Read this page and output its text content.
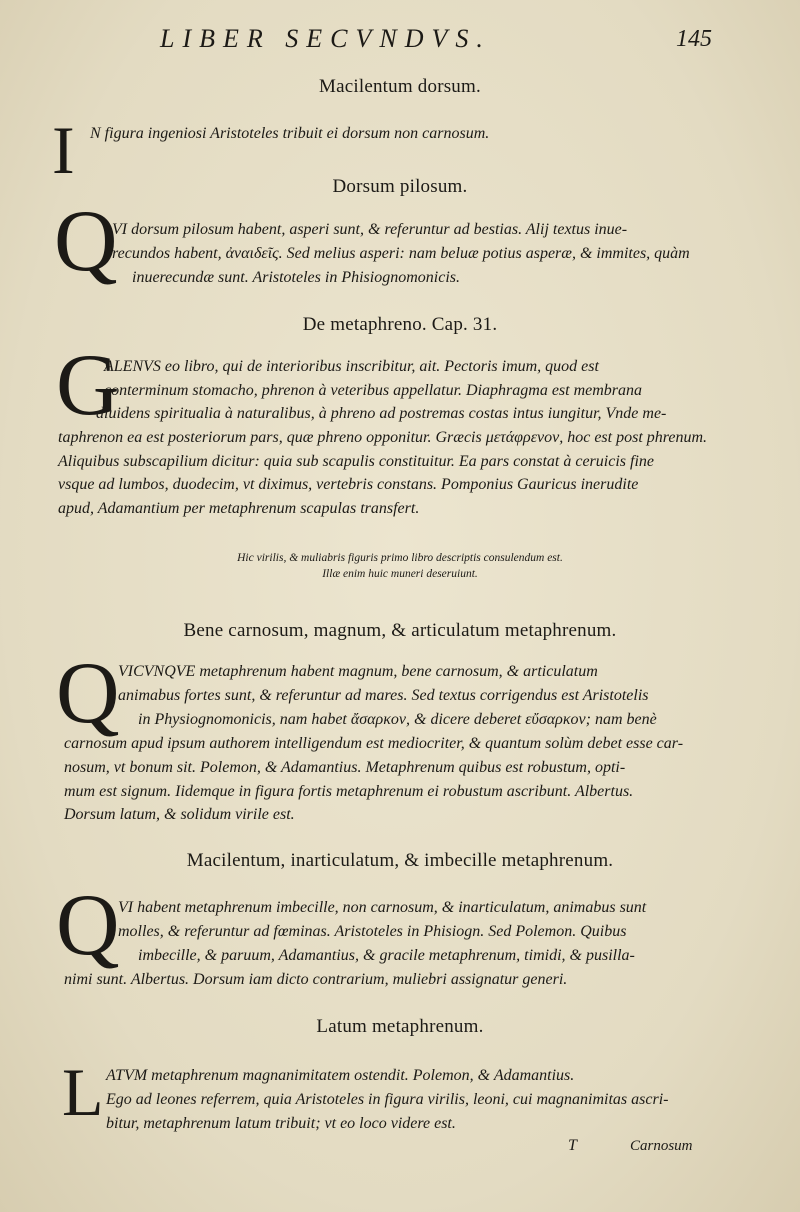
LIBER SECVNDVS.	145
Macilentum dorsum.
I N figura ingeniosi Aristoteles tribuit ei dorsum non carnosum.
Dorsum pilosum.
Q
VI dorsum pilosum habent, asperi sunt, & referuntur ad bestias. Alij textus inue-
recundos habent, ἀναιδεῖς. Sed melius asperi: nam beluæ potius asperæ, & immites, quàm
inuerecundæ sunt. Aristoteles in Phisiognomonicis.
De metaphreno. Cap. 31.
G
ALENVS eo libro, qui de interioribus inscribitur, ait. Pectoris imum, quod est
conterminum stomacho, phrenon à veteribus appellatur. Diaphragma est membrana
diuidens spiritualia à naturalibus, à phreno ad postremas costas intus iungitur, Vnde me-
taphrenon ea est posteriorum pars, quæ phreno opponitur. Græcis μετάφρενον, hoc est post phrenum.
Aliquibus subscapilium dicitur: quia sub scapulis constituitur. Ea pars constat à ceruicis fine
vsque ad lumbos, duodecim, vt diximus, vertebris constans. Pomponius Gauricus inerudite
apud, Adamantium per metaphrenum scapulas transfert.
Hic virilis, & muliabris figuris primo libro descriptis consulendum est.
Illæ enim huic muneri deseruiunt.
Bene carnosum, magnum, & articulatum metaphrenum.
Q
VICVNQVE metaphrenum habent magnum, bene carnosum, & articulatum
animabus fortes sunt, & referuntur ad mares. Sed textus corrigendus est Aristotelis
in Physiognomonicis, nam habet ἄσαρκον, & dicere deberet εὔσαρκον; nam benè
carnosum apud ipsum authorem intelligendum est mediocriter, & quantum solùm debet esse car-
nosum, vt bonum sit. Polemon, & Adamantius. Metaphrenum quibus est robustum, opti-
mum est signum. Iidemque in figura fortis metaphrenum ei robustum ascribunt. Albertus.
Dorsum latum, & solidum virile est.
Macilentum, inarticulatum, & imbecille metaphrenum.
Q
VI habent metaphrenum imbecille, non carnosum, & inarticulatum, animabus sunt
molles, & referuntur ad fœminas. Aristoteles in Phisiogn. Sed Polemon. Quibus
imbecille, & paruum, Adamantius, & gracile metaphrenum, timidi, & pusilla-
nimi sunt. Albertus. Dorsum iam dicto contrarium, muliebri assignatur generi.
Latum metaphrenum.
L ATVM metaphrenum magnanimitatem ostendit. Polemon, & Adamantius.
Ego ad leones referrem, quia Aristoteles in figura virilis, leoni, cui magnanimitas ascri-
bitur, metaphrenum latum tribuit; vt eo loco videre est.
T	Carnosum
